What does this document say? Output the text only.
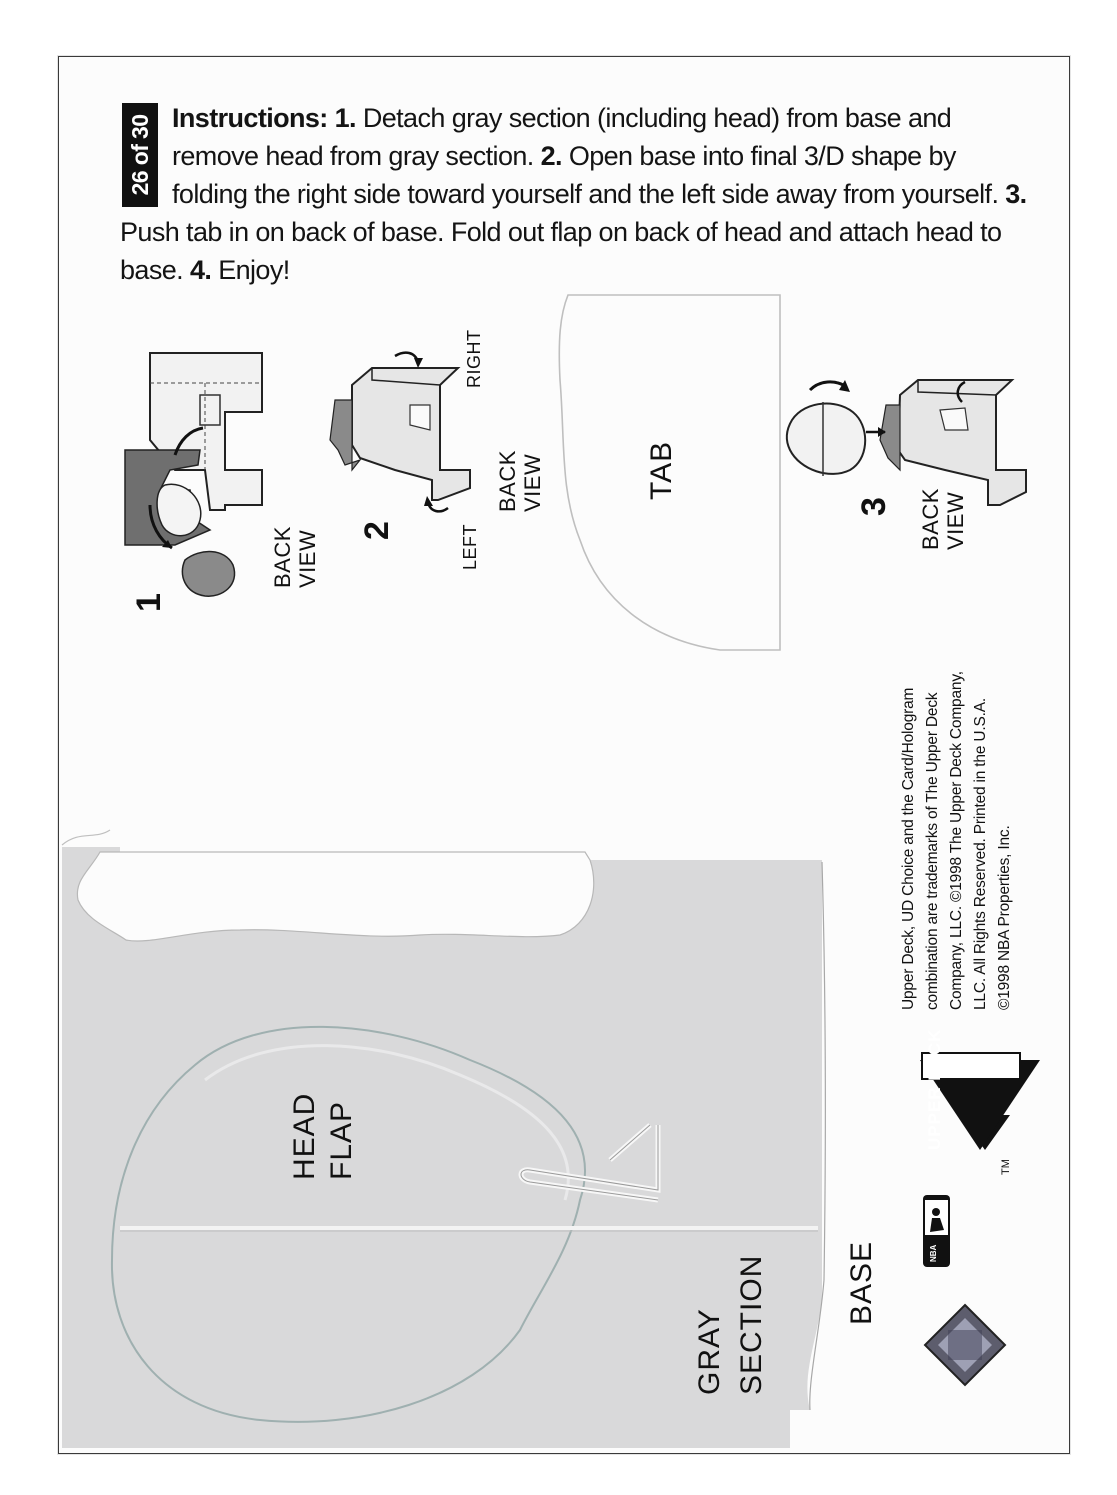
26 of 30 Instructions: 1. Detach gray section (including head) from base and remove head from gray section. 2. Open base into final 3/D shape by folding the right side toward yourself and the left side away from yourself. 3. Push tab in on back of base. Fold out flap on back of head and attach head to base. 4. Enjoy!
1
BACK VIEW 2	LEFT
RIGHT
BACK VIEW	TAB
3 BACK VIEW
Upper Deck, UD Choice and the Card/Hologram combination are trademarks of The Upper Deck Company, LLC. ©1998 The Upper Deck Company, LLC. All Rights Reserved. Printed in the U.S.A. ©1998 NBA Properties, Inc.
UPPER DECK
TM
NBA
HEAD FLAP
GRAY SECTION	BASE
